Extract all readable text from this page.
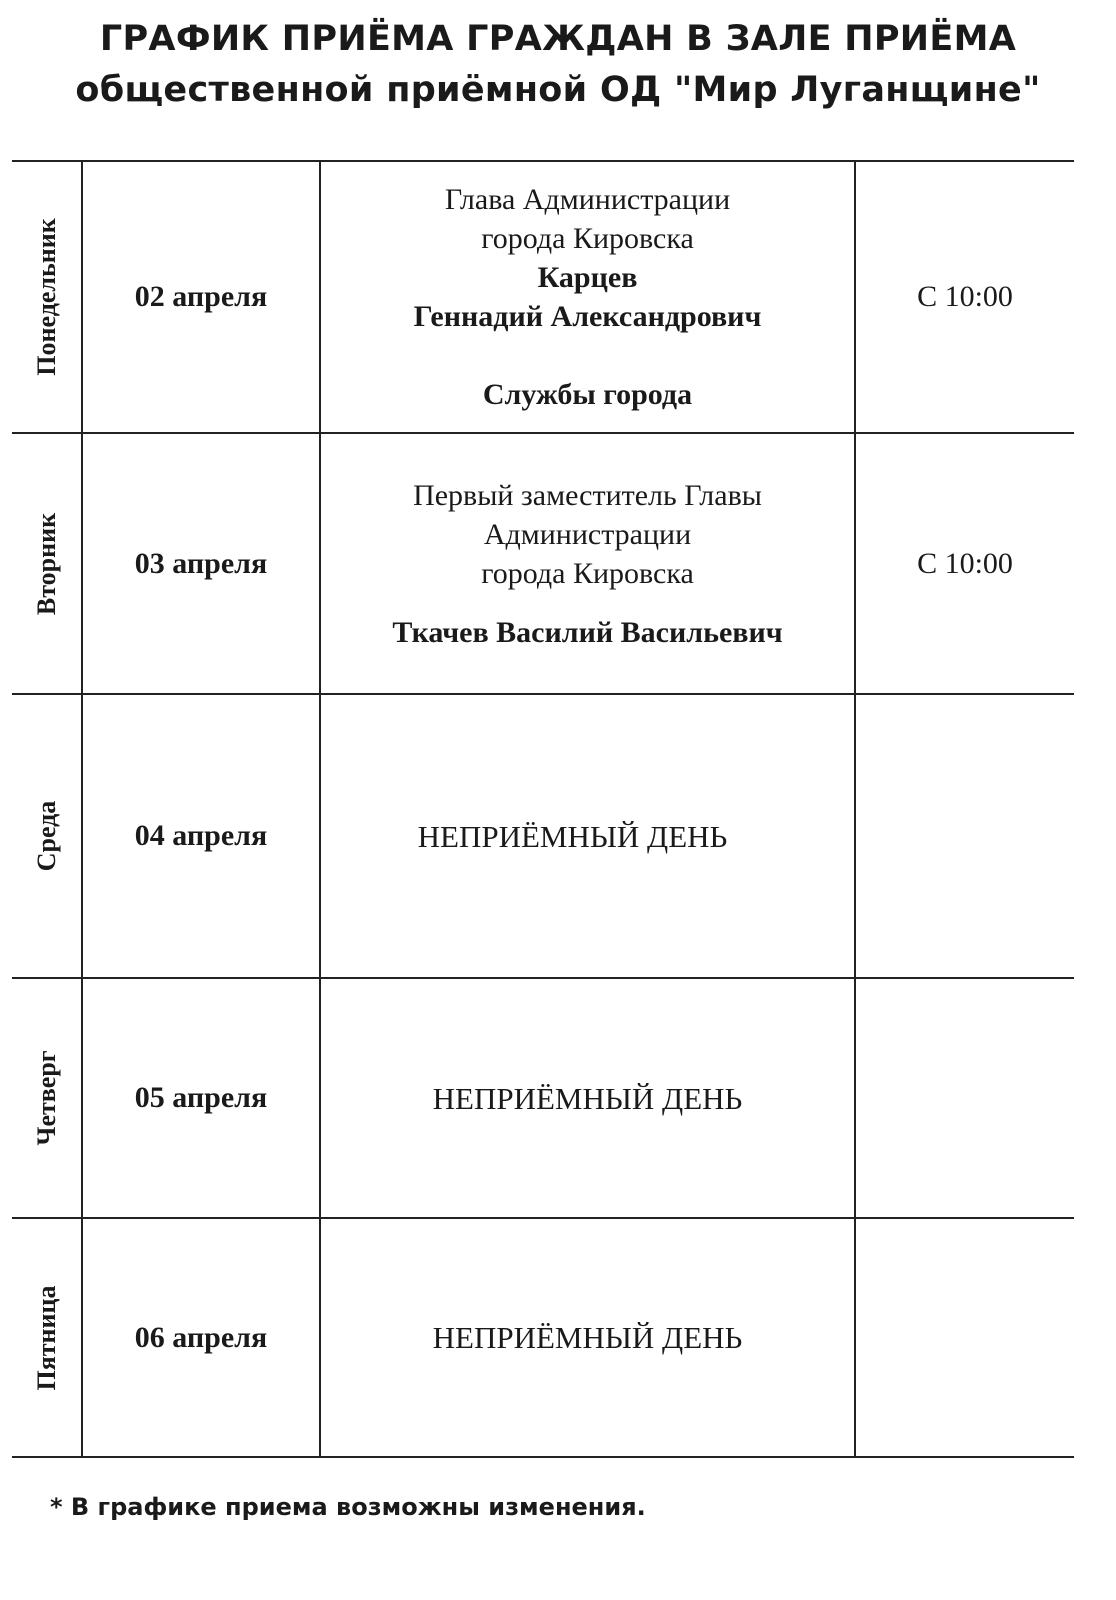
ГРАФИК ПРИЁМА ГРАЖДАН В ЗАЛЕ ПРИЁМА
общественной приёмной ОД "Мир Луганщине"
Понедельник	02 апреля	Глава Администрации
города Кировска
Карцев
Геннадий Александрович
Службы города	С 10:00

Вторник	03 апреля	Первый заместитель Главы
Администрации
города Кировска
Ткачев Василий Васильевич	С 10:00

Среда	04 апреля	НЕПРИЁМНЫЙ ДЕНЬ	

Четверг	05 апреля	НЕПРИЁМНЫЙ ДЕНЬ	

Пятница	06 апреля	НЕПРИЁМНЫЙ ДЕНЬ	

* В графике приема возможны изменения.
